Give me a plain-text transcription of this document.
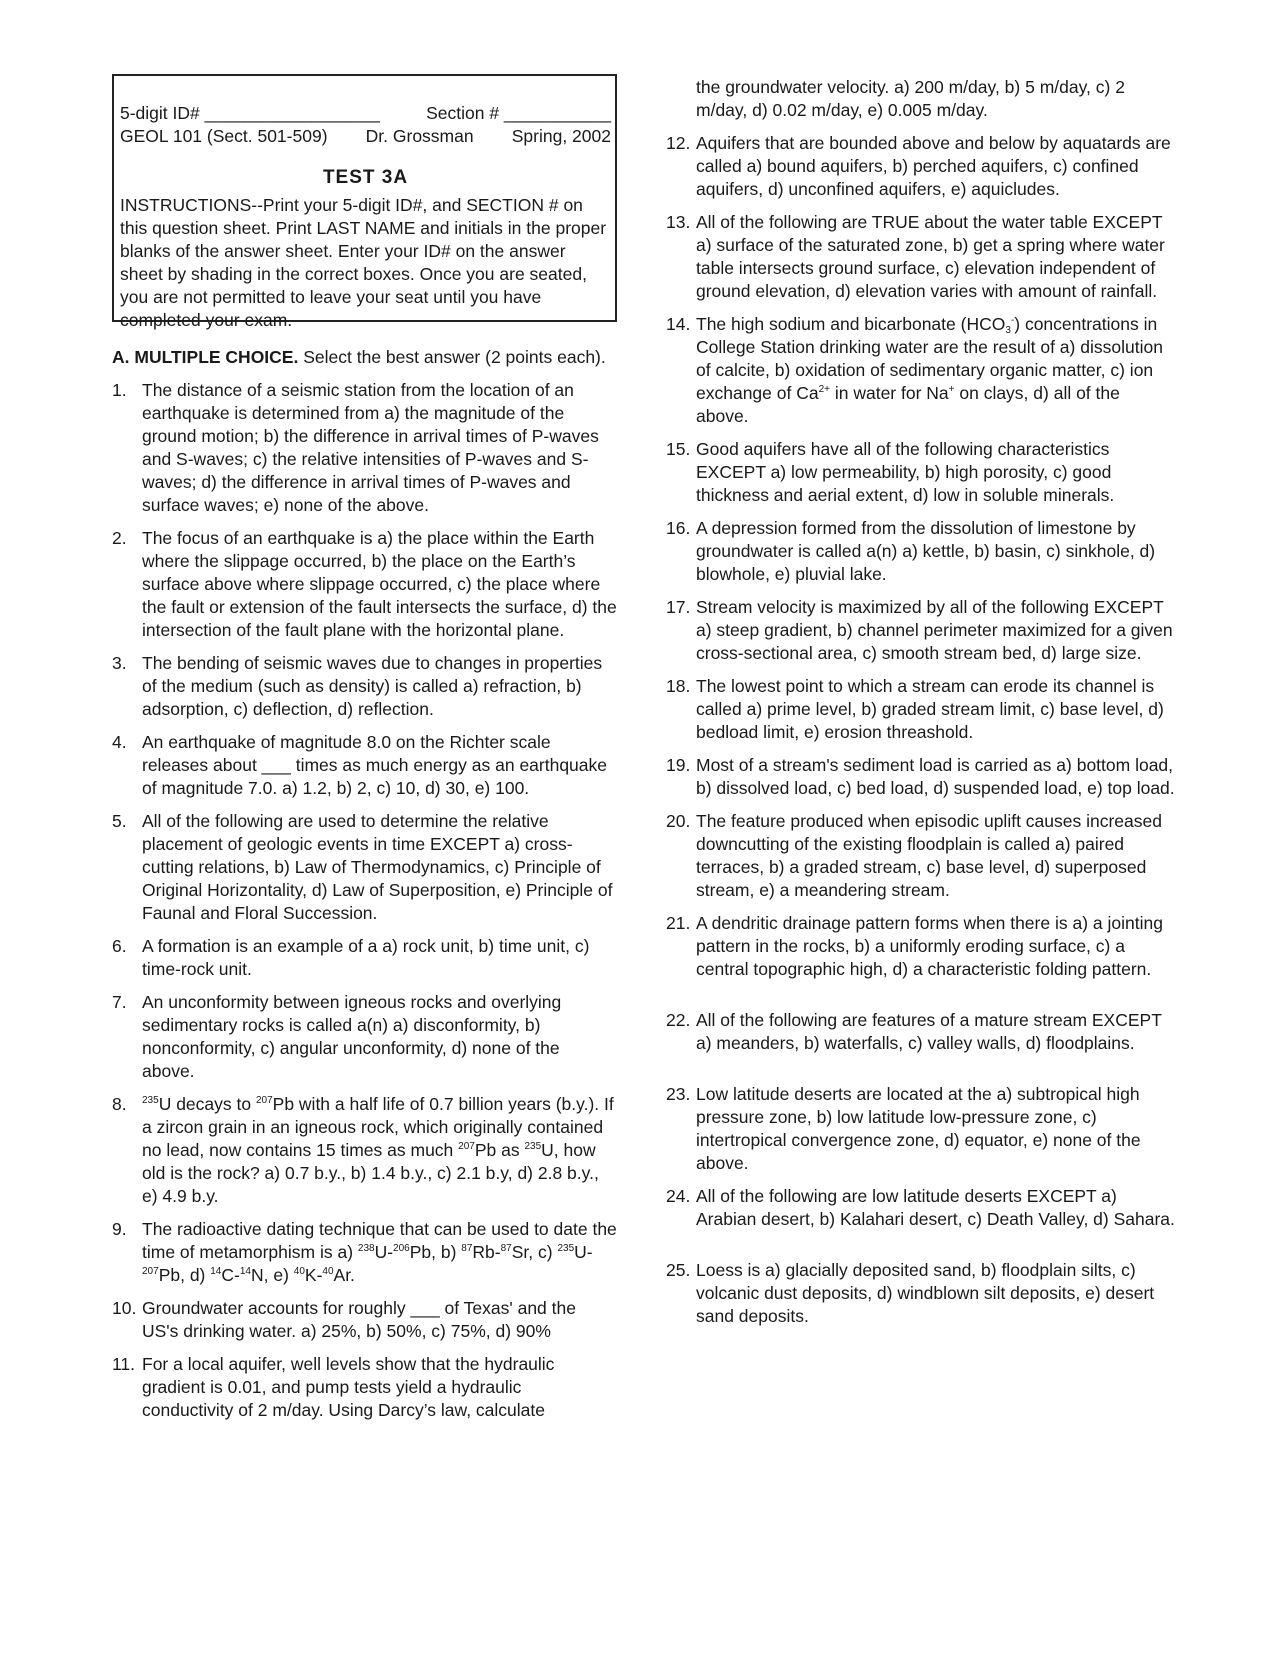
5-digit ID# __________________	Section # ___________
GEOL 101 (Sect. 501-509) Dr. Grossman Spring, 2002
TEST 3A

INSTRUCTIONS--Print your 5-digit ID#, and SECTION # on this question sheet. Print LAST NAME and initials in the proper blanks of the answer sheet. Enter your ID# on the answer sheet by shading in the correct boxes. Once you are seated, you are not permitted to leave your seat until you have completed your exam.

A. MULTIPLE CHOICE. Select the best answer (2 points each).
1. The distance of a seismic station from the location of an earthquake is determined from a) the magnitude of the ground motion; b) the difference in arrival times of P-waves and S-waves; c) the relative intensities of P-waves and S-waves; d) the difference in arrival times of P-waves and surface waves; e) none of the above.
2. The focus of an earthquake is a) the place within the Earth where the slippage occurred, b) the place on the Earth’s surface above where slippage occurred, c) the place where the fault or extension of the fault intersects the surface, d) the intersection of the fault plane with the horizontal plane.
3. The bending of seismic waves due to changes in properties of the medium (such as density) is called a) refraction, b) adsorption, c) deflection, d) reflection.
4. An earthquake of magnitude 8.0 on the Richter scale releases about ___ times as much energy as an earthquake of magnitude 7.0. a) 1.2, b) 2, c) 10, d) 30, e) 100.
5. All of the following are used to determine the relative placement of geologic events in time EXCEPT a) cross-cutting relations, b) Law of Thermodynamics, c) Principle of Original Horizontality, d) Law of Superposition, e) Principle of Faunal and Floral Succession.
6. A formation is an example of a a) rock unit, b) time unit, c) time-rock unit.
7. An unconformity between igneous rocks and overlying sedimentary rocks is called a(n) a) disconformity, b) nonconformity, c) angular unconformity, d) none of the above.
8.	$^{235}$U decays to $^{207}$Pb with a half life of 0.7 billion years (b.y.). If a zircon grain in an igneous rock, which originally contained no lead, now contains 15 times as much $^{207}$Pb as $^{235}$U, how old is the rock? a) 0.7 b.y., b) 1.4 b.y., c) 2.1 b.y, d) 2.8 b.y., e) 4.9 b.y.
9. The radioactive dating technique that can be used to date the time of metamorphism is a) $^{238}$U-$^{206}$Pb, b) $^{87}$Rb-$^{87}$Sr, c) $^{235}$U-$^{207}$Pb, d) $^{14}$C-$^{14}$N, e) $^{40}$K-$^{40}$Ar.
10. Groundwater accounts for roughly ___ of Texas' and the US's drinking water. a) 25%, b) 50%, c) 75%, d) 90%
11. For a local aquifer, well levels show that the hydraulic gradient is 0.01, and pump tests yield a hydraulic conductivity of 2 m/day. Using Darcy’s law, calculate
the groundwater velocity. a) 200 m/day, b) 5 m/day, c) 2 m/day, d) 0.02 m/day, e) 0.005 m/day.
12. Aquifers that are bounded above and below by aquatards are called a) bound aquifers, b) perched aquifers, c) confined aquifers, d) unconfined aquifers, e) aquicludes.
13. All of the following are TRUE about the water table EXCEPT a) surface of the saturated zone, b) get a spring where water table intersects ground surface, c) elevation independent of ground elevation, d) elevation varies with amount of rainfall.
14. The high sodium and bicarbonate $(HCO_3^-)$ concentrations in College Station drinking water are the result of a) dissolution of calcite, b) oxidation of sedimentary organic matter, c) ion exchange of $Ca^{2+}$ in water for Na+ on clays, d) all of the above.
15. Good aquifers have all of the following characteristics EXCEPT a) low permeability, b) high porosity, c) good thickness and aerial extent, d) low in soluble minerals.
16. A depression formed from the dissolution of limestone by groundwater is called a(n) a) kettle, b) basin, c) sinkhole, d) blowhole, e) pluvial lake.
17. Stream velocity is maximized by all of the following EXCEPT a) steep gradient, b) channel perimeter maximized for a given cross-sectional area, c) smooth stream bed, d) large size.
18. The lowest point to which a stream can erode its channel is called a) prime level, b) graded stream limit, c) base level, d) bedload limit, e) erosion threashold.
19. Most of a stream's sediment load is carried as a) bottom load, b) dissolved load, c) bed load, d) suspended load, e) top load.
20. The feature produced when episodic uplift causes increased downcutting of the existing floodplain is called a) paired terraces, b) a graded stream, c) base level, d) superposed stream, e) a meandering stream.
21. A dendritic drainage pattern forms when there is a) a jointing pattern in the rocks, b) a uniformly eroding surface, c) a central topographic high, d) a characteristic folding pattern.
22. All of the following are features of a mature stream EXCEPT a) meanders, b) waterfalls, c) valley walls, d) floodplains.
23. Low latitude deserts are located at the a) subtropical high pressure zone, b) low latitude low-pressure zone, c) intertropical convergence zone, d) equator, e) none of the above.
24. All of the following are low latitude deserts EXCEPT a) Arabian desert, b) Kalahari desert, c) Death Valley, d) Sahara.
25. Loess is a) glacially deposited sand, b) floodplain silts, c) volcanic dust deposits, d) windblown silt deposits, e) desert sand deposits.
